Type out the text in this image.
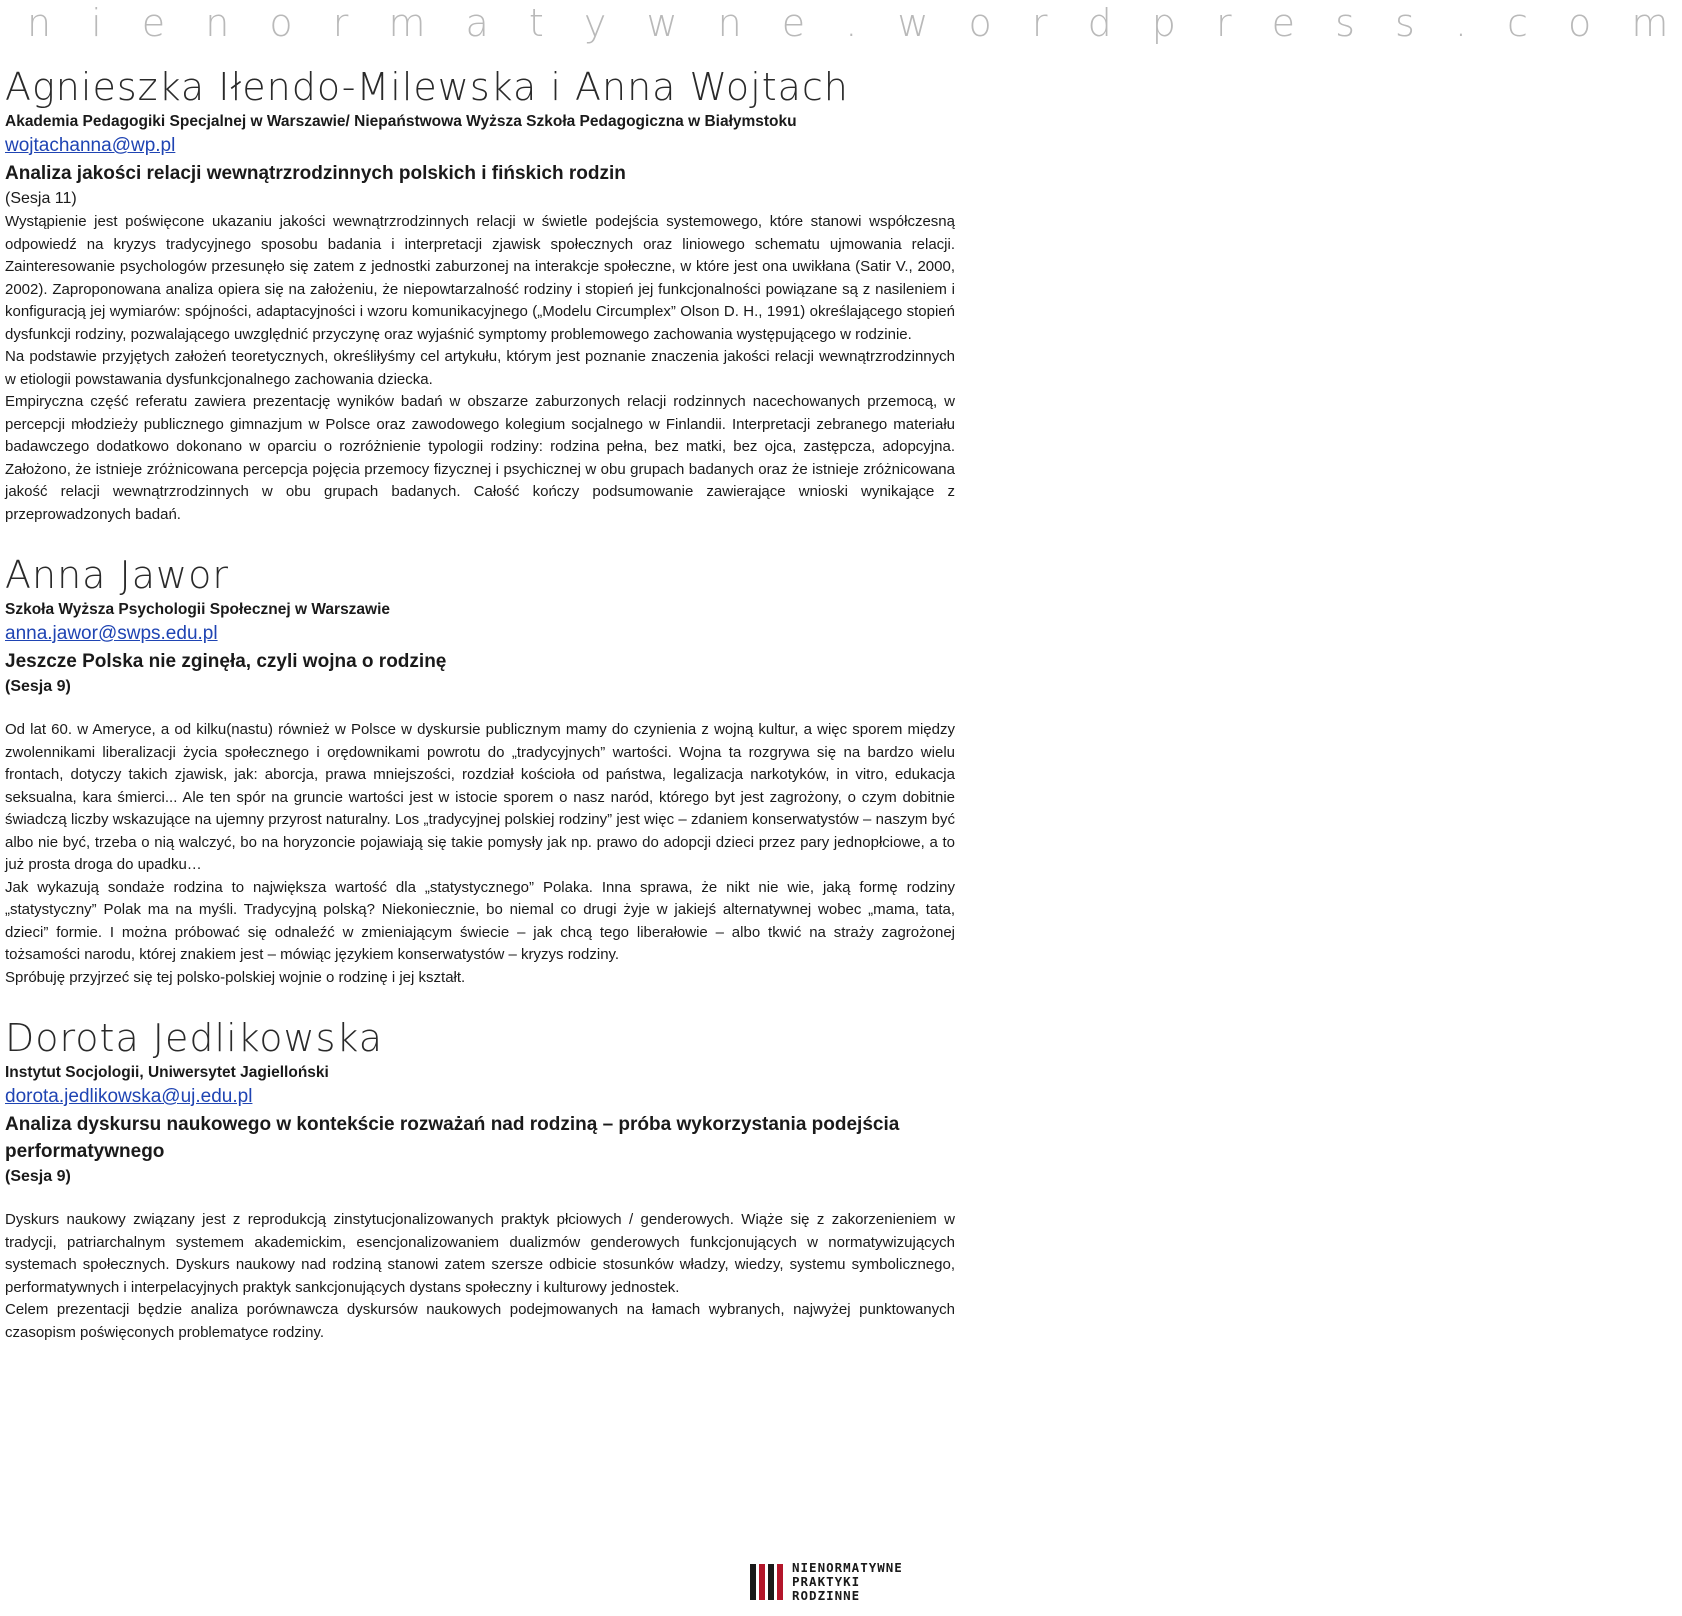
n i e n o r m a t y w n e . w o r d p r e s s . c o m
Agnieszka Iłendo-Milewska i Anna Wojtach
Akademia Pedagogiki Specjalnej w Warszawie/ Niepaństwowa Wyższa Szkoła Pedagogiczna w Białymstoku
wojtachanna@wp.pl
Analiza jakości relacji wewnątrzrodzinnych polskich i fińskich rodzin
(Sesja 11)

Wystąpienie jest poświęcone ukazaniu jakości wewnątrzrodzinnych relacji w świetle podejścia systemowego, które stanowi współczesną odpowiedź na kryzys tradycyjnego sposobu badania i interpretacji zjawisk społecznych oraz liniowego schematu ujmowania relacji. Zainteresowanie psychologów przesunęło się zatem z jednostki zaburzonej na interakcje społeczne, w które jest ona uwikłana (Satir V., 2000, 2002). Zaproponowana analiza opiera się na założeniu, że niepowtarzalność rodziny i stopień jej funkcjonalności powiązane są z nasileniem i konfiguracją jej wymiarów: spójności, adaptacyjności i wzoru komunikacyjnego („Modelu Circumplex” Olson D. H., 1991) określającego stopień dysfunkcji rodziny, pozwalającego uwzględnić przyczynę oraz wyjaśnić symptomy problemowego zachowania występującego w rodzinie.

Na podstawie przyjętych założeń teoretycznych, określiłyśmy cel artykułu, którym jest poznanie znaczenia jakości relacji wewnątrzrodzinnych w etiologii powstawania dysfunkcjonalnego zachowania dziecka.

Empiryczna część referatu zawiera prezentację wyników badań w obszarze zaburzonych relacji rodzinnych nacechowanych przemocą, w percepcji młodzieży publicznego gimnazjum w Polsce oraz zawodowego kolegium socjalnego w Finlandii. Interpretacji zebranego materiału badawczego dodatkowo dokonano w oparciu o rozróżnienie typologii rodziny: rodzina pełna, bez matki, bez ojca, zastępcza, adopcyjna. Założono, że istnieje zróżnicowana percepcja pojęcia przemocy fizycznej i psychicznej w obu grupach badanych oraz że istnieje zróżnicowana jakość relacji wewnątrzrodzinnych w obu grupach badanych. Całość kończy podsumowanie zawierające wnioski wynikające z przeprowadzonych badań.

Anna Jawor
Szkoła Wyższa Psychologii Społecznej w Warszawie
anna.jawor@swps.edu.pl
Jeszcze Polska nie zginęła, czyli wojna o rodzinę
(Sesja 9)

Od lat 60. w Ameryce, a od kilku(nastu) również w Polsce w dyskursie publicznym mamy do czynienia z wojną kultur, a więc sporem między zwolennikami liberalizacji życia społecznego i orędownikami powrotu do „tradycyjnych” wartości. Wojna ta rozgrywa się na bardzo wielu frontach, dotyczy takich zjawisk, jak: aborcja, prawa mniejszości, rozdział kościoła od państwa, legalizacja narkotyków, in vitro, edukacja seksualna, kara śmierci... Ale ten spór na gruncie wartości jest w istocie sporem o nasz naród, którego byt jest zagrożony, o czym dobitnie świadczą liczby wskazujące na ujemny przyrost naturalny. Los „tradycyjnej polskiej rodziny” jest więc – zdaniem konserwatystów – naszym być albo nie być, trzeba o nią walczyć, bo na horyzoncie pojawiają się takie pomysły jak np. prawo do adopcji dzieci przez pary jednopłciowe, a to już prosta droga do upadku…

Jak wykazują sondaże rodzina to największa wartość dla „statystycznego” Polaka. Inna sprawa, że nikt nie wie, jaką formę rodziny „statystyczny” Polak ma na myśli. Tradycyjną polską? Niekoniecznie, bo niemal co drugi żyje w jakiejś alternatywnej wobec „mama, tata, dzieci” formie. I można próbować się odnaleźć w zmieniającym świecie – jak chcą tego liberałowie – albo tkwić na straży zagrożonej tożsamości narodu, której znakiem jest – mówiąc językiem konserwatystów – kryzys rodziny.

Spróbuję przyjrzeć się tej polsko-polskiej wojnie o rodzinę i jej kształt.

Dorota Jedlikowska
Instytut Socjologii, Uniwersytet Jagielloński
dorota.jedlikowska@uj.edu.pl
Analiza dyskursu naukowego w kontekście rozważań nad rodziną – próba wykorzystania podejścia performatywnego
(Sesja 9)

Dyskurs naukowy związany jest z reprodukcją zinstytucjonalizowanych praktyk płciowych / genderowych. Wiąże się z zakorzenieniem w tradycji, patriarchalnym systemem akademickim, esencjonalizowaniem dualizmów genderowych funkcjonujących w normatywizujących systemach społecznych. Dyskurs naukowy nad rodziną stanowi zatem szersze odbicie stosunków władzy, wiedzy, systemu symbolicznego, performatywnych i interpelacyjnych praktyk sankcjonujących dystans społeczny i kulturowy jednostek.

Celem prezentacji będzie analiza porównawcza dyskursów naukowych podejmowanych na łamach wybranych, najwyżej punktowanych czasopism poświęconych problematyce rodziny.

NIENORMATYWNE
PRAKTYKI
RODZINNE
